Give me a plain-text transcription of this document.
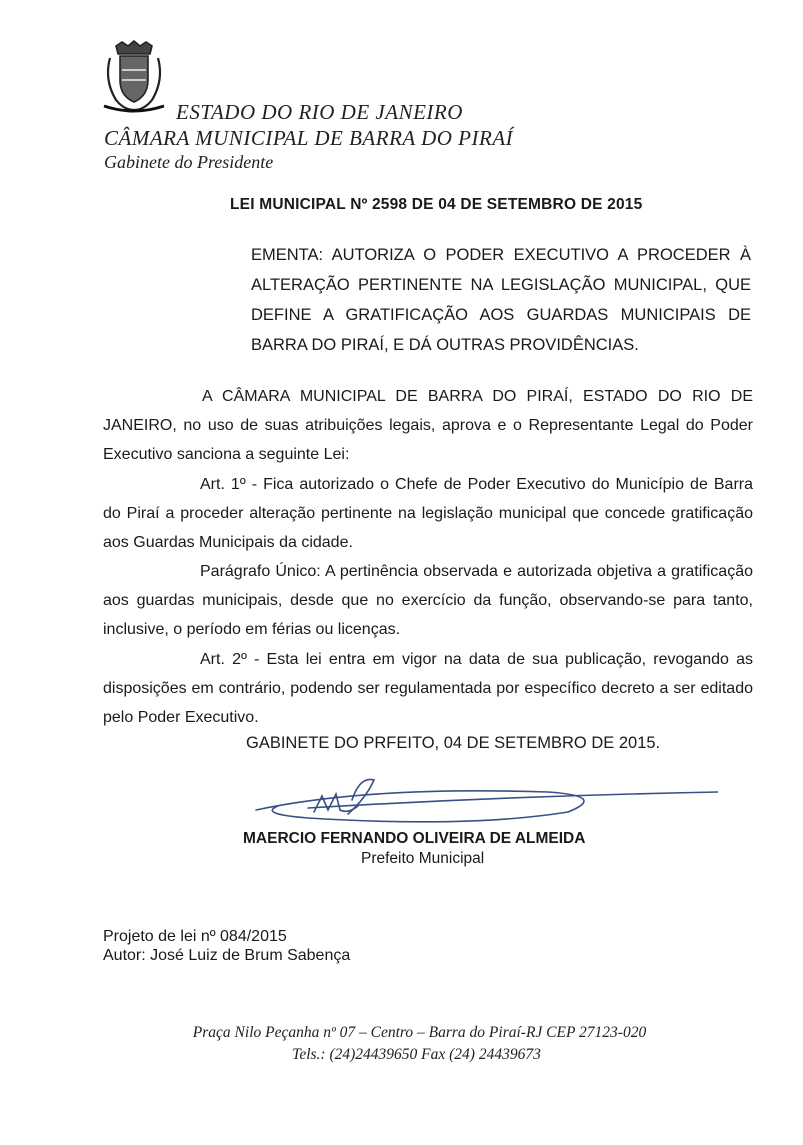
ESTADO DO RIO DE JANEIRO
CÂMARA MUNICIPAL DE BARRA DO PIRAÍ
Gabinete do Presidente
LEI MUNICIPAL Nº 2598 DE 04 DE SETEMBRO DE 2015
EMENTA: AUTORIZA O PODER EXECUTIVO A PROCEDER À ALTERAÇÃO PERTINENTE NA LEGISLAÇÃO MUNICIPAL, QUE DEFINE A GRATIFICAÇÃO AOS GUARDAS MUNICIPAIS DE BARRA DO PIRAÍ, E DÁ OUTRAS PROVIDÊNCIAS.
A CÂMARA MUNICIPAL DE BARRA DO PIRAÍ, ESTADO DO RIO DE JANEIRO, no uso de suas atribuições legais, aprova e o Representante Legal do Poder Executivo sanciona a seguinte Lei:
Art. 1º - Fica autorizado o Chefe de Poder Executivo do Município de Barra do Piraí a proceder alteração pertinente na legislação municipal que concede gratificação aos Guardas Municipais da cidade.
Parágrafo Único: A pertinência observada e autorizada objetiva a gratificação aos guardas municipais, desde que no exercício da função, observando-se para tanto, inclusive, o período em férias ou licenças.
Art. 2º - Esta lei entra em vigor na data de sua publicação, revogando as disposições em contrário, podendo ser regulamentada por específico decreto a ser editado pelo Poder Executivo.
GABINETE DO PRFEITO, 04 DE SETEMBRO DE 2015.
MAERCIO FERNANDO OLIVEIRA DE ALMEIDA
Prefeito Municipal
Projeto de lei nº 084/2015
Autor: José Luiz de Brum Sabença
Praça Nilo Peçanha nº 07 – Centro – Barra do Piraí-RJ CEP 27123-020
Tels.: (24)24439650 Fax (24) 24439673
